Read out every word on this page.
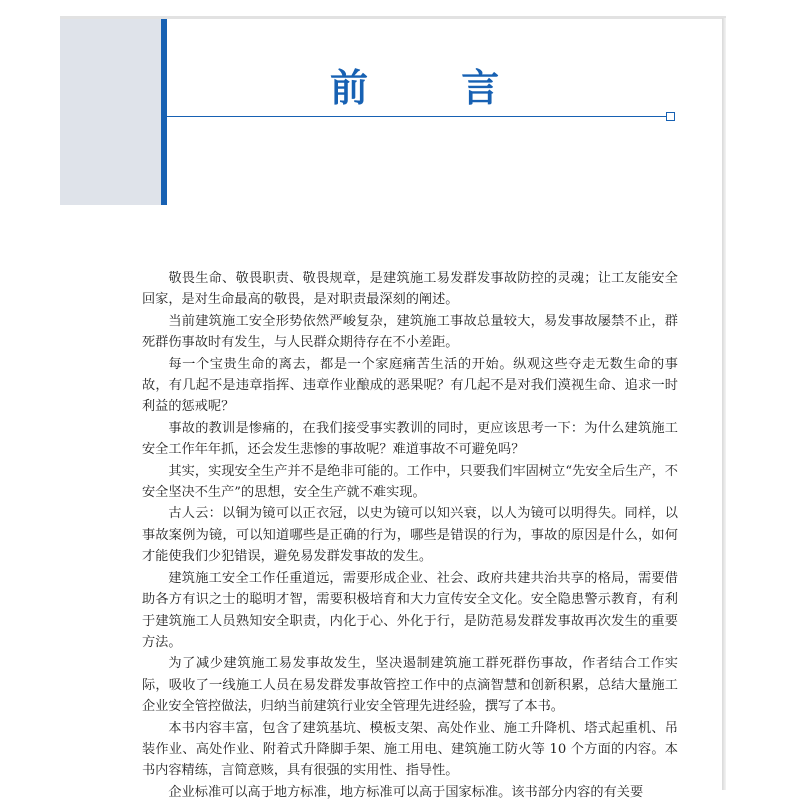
前 言

敬畏生命、敬畏职责、敬畏规章，是建筑施工易发群发事故防控的灵魂；让工友能安全回家，是对生命最高的敬畏，是对职责最深刻的阐述。

当前建筑施工安全形势依然严峻复杂，建筑施工事故总量较大，易发事故屡禁不止，群死群伤事故时有发生，与人民群众期待存在不小差距。

每一个宝贵生命的离去，都是一个家庭痛苦生活的开始。纵观这些夺走无数生命的事故，有几起不是违章指挥、违章作业酿成的恶果呢？有几起不是对我们漠视生命、追求一时利益的惩戒呢？

事故的教训是惨痛的，在我们接受事实教训的同时，更应该思考一下：为什么建筑施工安全工作年年抓，还会发生悲惨的事故呢？难道事故不可避免吗？

其实，实现安全生产并不是绝非可能的。工作中，只要我们牢固树立“先安全后生产，不安全坚决不生产”的思想，安全生产就不难实现。

古人云：以铜为镜可以正衣冠，以史为镜可以知兴衰，以人为镜可以明得失。同样，以事故案例为镜，可以知道哪些是正确的行为，哪些是错误的行为，事故的原因是什么，如何才能使我们少犯错误，避免易发群发事故的发生。

建筑施工安全工作任重道远，需要形成企业、社会、政府共建共治共享的格局，需要借助各方有识之士的聪明才智，需要积极培育和大力宣传安全文化。安全隐患警示教育，有利于建筑施工人员熟知安全职责，内化于心、外化于行，是防范易发群发事故再次发生的重要方法。

为了减少建筑施工易发事故发生，坚决遏制建筑施工群死群伤事故，作者结合工作实际，吸收了一线施工人员在易发群发事故管控工作中的点滴智慧和创新积累，总结大量施工企业安全管控做法，归纳当前建筑行业安全管理先进经验，撰写了本书。

本书内容丰富，包含了建筑基坑、模板支架、高处作业、施工升降机、塔式起重机、吊装作业、高处作业、附着式升降脚手架、施工用电、建筑施工防火等 10 个方面的内容。本书内容精练，言简意赅，具有很强的实用性、指导性。

企业标准可以高于地方标准，地方标准可以高于国家标准。该书部分内容的有关要
